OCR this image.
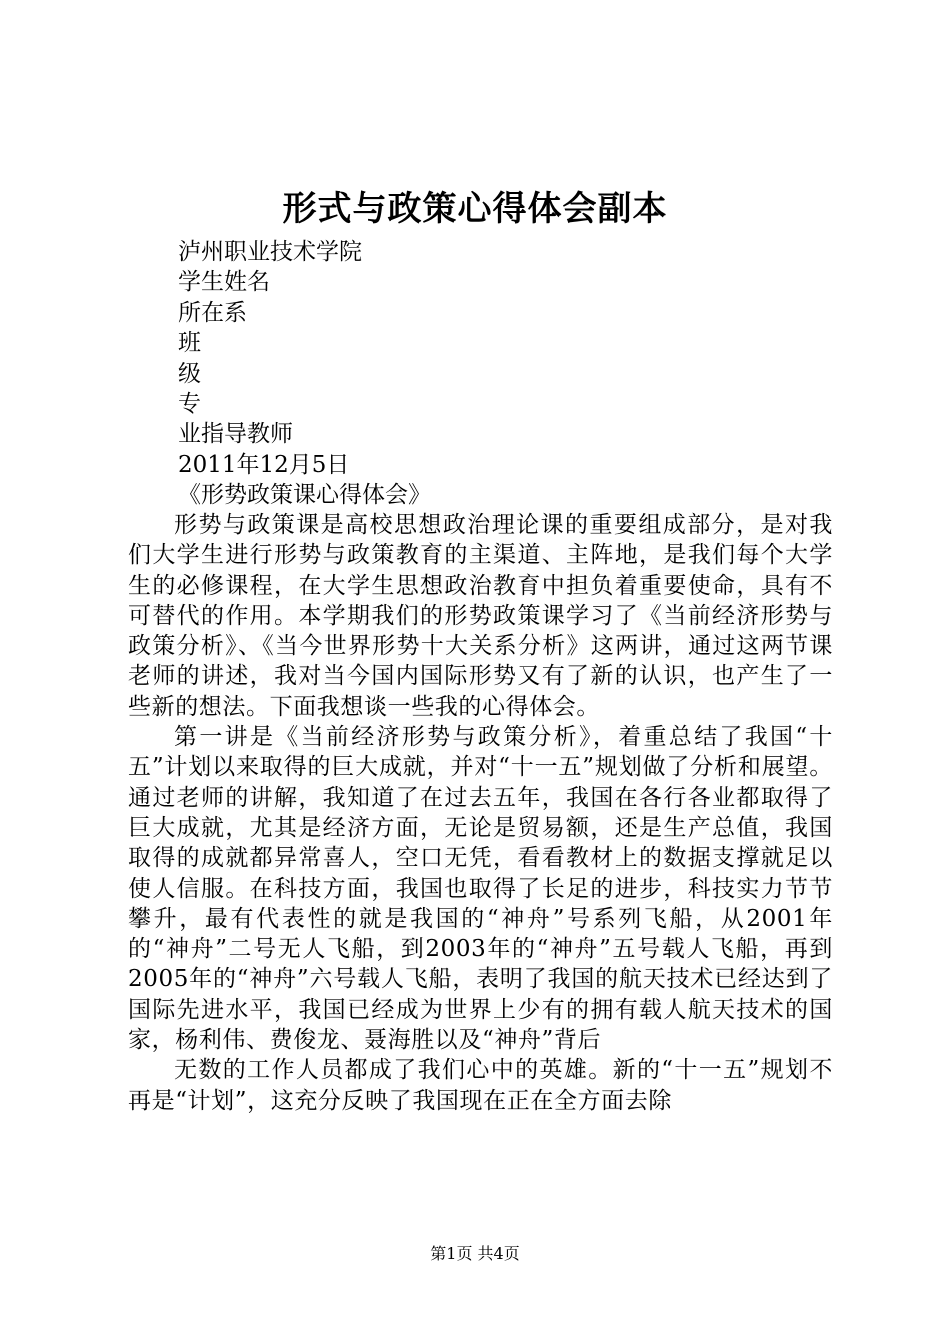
形式与政策心得体会副本
泸州职业技术学院
学生姓名
所在系
班
级
专
业指导教师
2011年12月5日
《形势政策课心得体会》

形势与政策课是高校思想政治理论课的重要组成部分，是对我们大学生进行形势与政策教育的主渠道、主阵地，是我们每个大学生的必修课程，在大学生思想政治教育中担负着重要使命，具有不可替代的作用。本学期我们的形势政策课学习了《当前经济形势与政策分析》、《当今世界形势十大关系分析》这两讲，通过这两节课老师的讲述，我对当今国内国际形势又有了新的认识，也产生了一些新的想法。下面我想谈一些我的心得体会。

第一讲是《当前经济形势与政策分析》，着重总结了我国“十五”计划以来取得的巨大成就，并对“十一五”规划做了分析和展望。通过老师的讲解，我知道了在过去五年，我国在各行各业都取得了巨大成就，尤其是经济方面，无论是贸易额，还是生产总值，我国取得的成就都异常喜人，空口无凭，看看教材上的数据支撑就足以使人信服。在科技方面，我国也取得了长足的进步，科技实力节节攀升，最有代表性的就是我国的“神舟”号系列飞船，从2001年的“神舟”二号无人飞船，到2003年的“神舟”五号载人飞船，再到2005年的“神舟”六号载人飞船，表明了我国的航天技术已经达到了国际先进水平，我国已经成为世界上少有的拥有载人航天技术的国家，杨利伟、费俊龙、聂海胜以及“神舟”背后

无数的工作人员都成了我们心中的英雄。新的“十一五”规划不再是“计划”，这充分反映了我国现在正在全方面去除

第1页 共4页
